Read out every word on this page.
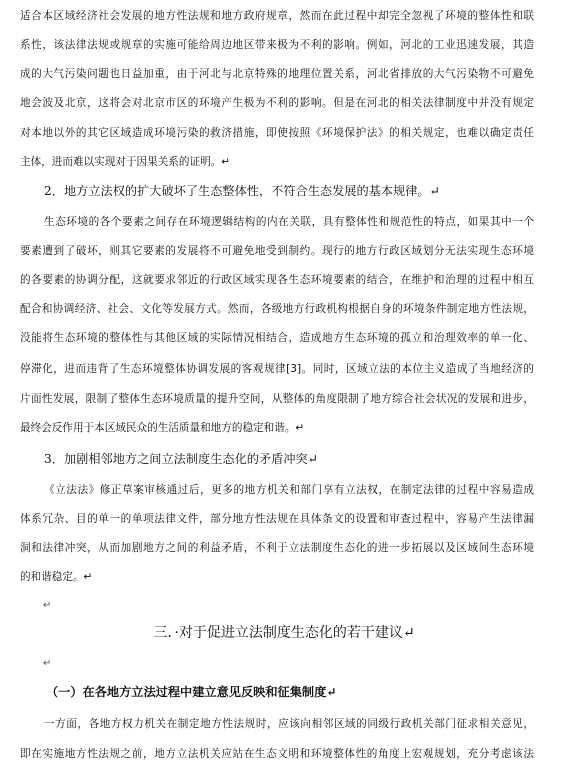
适合本区域经济社会发展的地方性法规和地方政府规章，然而在此过程中却完全忽视了环境的整体性和联
系性，该法律法规或规章的实施可能给周边地区带来极为不利的影响。例如，河北的工业迅速发展，其造
成的大气污染问题也日益加重，由于河北与北京特殊的地理位置关系，河北省排放的大气污染物不可避免
地会波及北京，这将会对北京市区的环境产生极为不利的影响。但是在河北的相关法律制度中并没有规定
对本地以外的其它区域造成环境污染的救济措施，即使按照《环境保护法》的相关规定，也难以确定责任
主体，进而难以实现对于因果关系的证明。↵
2．地方立法权的扩大破坏了生态整体性，不符合生态发展的基本规律。↵
生态环境的各个要素之间存在环境逻辑结构的内在关联，具有整体性和规范性的特点，如果其中一个
要素遭到了破坏，则其它要素的发展将不可避免地受到制约。现行的地方行政区域划分无法实现生态环境
的各要素的协调分配，这就要求邻近的行政区域实现各生态环境要素的结合，在维护和治理的过程中相互
配合和协调经济、社会、文化等发展方式。然而，各级地方行政机构根据自身的环境条件制定地方性法规，
没能将生态环境的整体性与其他区域的实际情况相结合，造成地方生态环境的孤立和治理效率的单一化、
停滞化，进而违背了生态环境整体协调发展的客观规律[3]。同时，区域立法的本位主义造成了当地经济的
片面性发展，限制了整体生态环境质量的提升空间，从整体的角度限制了地方综合社会状况的发展和进步，
最终会反作用于本区域民众的生活质量和地方的稳定和谐。↵
3．加剧相邻地方之间立法制度生态化的矛盾冲突↵
《立法法》修正草案审核通过后，更多的地方机关和部门享有立法权，在制定法律的过程中容易造成
体系冗杂、目的单一的单项法律文件，部分地方性法规在具体条文的设置和审查过程中，容易产生法律漏
洞和法律冲突，从而加剧地方之间的利益矛盾，不利于立法制度生态化的进一步拓展以及区域间生态环境
的和谐稳定。↵
↵
三．·对于促进立法制度生态化的若干建议↵
↵
（一）在各地方立法过程中建立意见反映和征集制度↵
一方面，各地方权力机关在制定地方性法规时，应该向相邻区域的同级行政机关部门征求相关意见，
即在实施地方性法规之前，地方立法机关应站在生态文明和环境整体性的角度上宏观规划，充分考虑该法
